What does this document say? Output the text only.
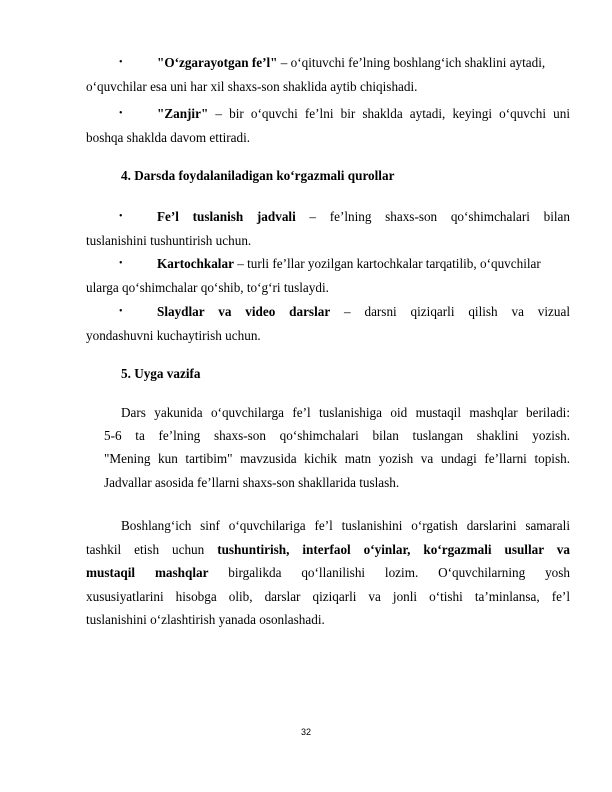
•	"O‘zgarayotgan fe’l" – o‘qituvchi fe’lning boshlang‘ich shaklini aytadi,
o‘quvchilar esa uni har xil shaxs-son shaklida aytib chiqishadi.
•	"Zanjir" – bir o‘quvchi fe’lni bir shaklda aytadi, keyingi o‘quvchi uni
boshqa shaklda davom ettiradi.
4. Darsda foydalaniladigan ko‘rgazmali qurollar
•	Fe’l tuslanish jadvali – fe’lning shaxs-son qo‘shimchalari bilan
tuslanishini tushuntirish uchun.
•	Kartochkalar – turli fe’llar yozilgan kartochkalar tarqatilib, o‘quvchilar
ularga qo‘shimchalar qo‘shib, to‘g‘ri tuslaydi.
•	Slaydlar va video darslar – darsni qiziqarli qilish va vizual
yondashuvni kuchaytirish uchun.
5. Uyga vazifa
Dars yakunida o‘quvchilarga fe’l tuslanishiga oid mustaqil mashqlar beriladi:
5-6 ta fe’lning shaxs-son qo‘shimchalari bilan tuslangan shaklini yozish.
"Mening kun tartibim" mavzusida kichik matn yozish va undagi fe’llarni topish.
Jadvallar asosida fe’llarni shaxs-son shakllarida tuslash.
Boshlang‘ich sinf o‘quvchilariga fe’l tuslanishini o‘rgatish darslarini samarali
tashkil etish uchun tushuntirish, interfaol o‘yinlar, ko‘rgazmali usullar va
mustaqil mashqlar birgalikda qo‘llanilishi lozim. O‘quvchilarning yosh
xususiyatlarini hisobga olib, darslar qiziqarli va jonli o‘tishi ta’minlansa, fe’l
tuslanishini o‘zlashtirish yanada osonlashadi.
32
